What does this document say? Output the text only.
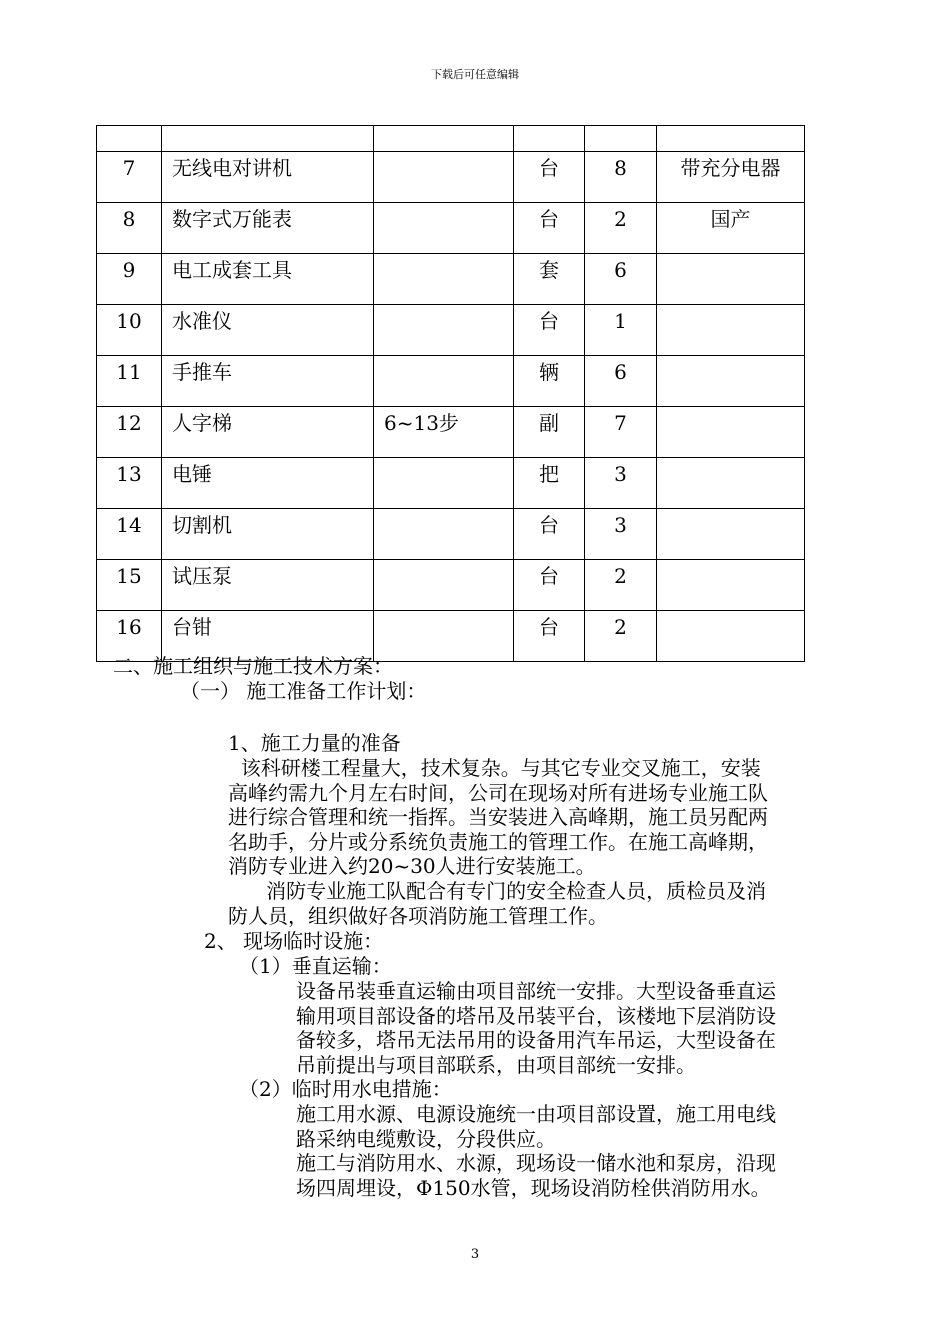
下载后可任意编辑

7	无线电对讲机		台	8	带充分电器

8	数字式万能表		台	2	国产

9	电工成套工具		套	6	

10	水准仪		台	1	

11	手推车		辆	6	

12	人字梯	6~13步	副	7	

13	电锤		把	3	

14	切割机		台	3	

15	试压泵		台	2	

16	台钳		台	2	

二、施工组织与施工技术方案：
（一） 施工准备工作计划：
1、施工力量的准备
该科研楼工程量大，技术复杂。与其它专业交叉施工，安装
高峰约需九个月左右时间，公司在现场对所有进场专业施工队
进行综合管理和统一指挥。当安装进入高峰期，施工员另配两
名助手，分片或分系统负责施工的管理工作。在施工高峰期，
消防专业进入约20~30人进行安装施工。
消防专业施工队配合有专门的安全检查人员，质检员及消
防人员，组织做好各项消防施工管理工作。
2、 现场临时设施：
（1）垂直运输：
设备吊装垂直运输由项目部统一安排。大型设备垂直运
输用项目部设备的塔吊及吊装平台，该楼地下层消防设
备较多，塔吊无法吊用的设备用汽车吊运，大型设备在
吊前提出与项目部联系，由项目部统一安排。
（2）临时用水电措施：
施工用水源、电源设施统一由项目部设置，施工用电线
路采纳电缆敷设，分段供应。
施工与消防用水、水源，现场设一储水池和泵房，沿现
场四周埋设，Φ150水管，现场设消防栓供消防用水。
3
